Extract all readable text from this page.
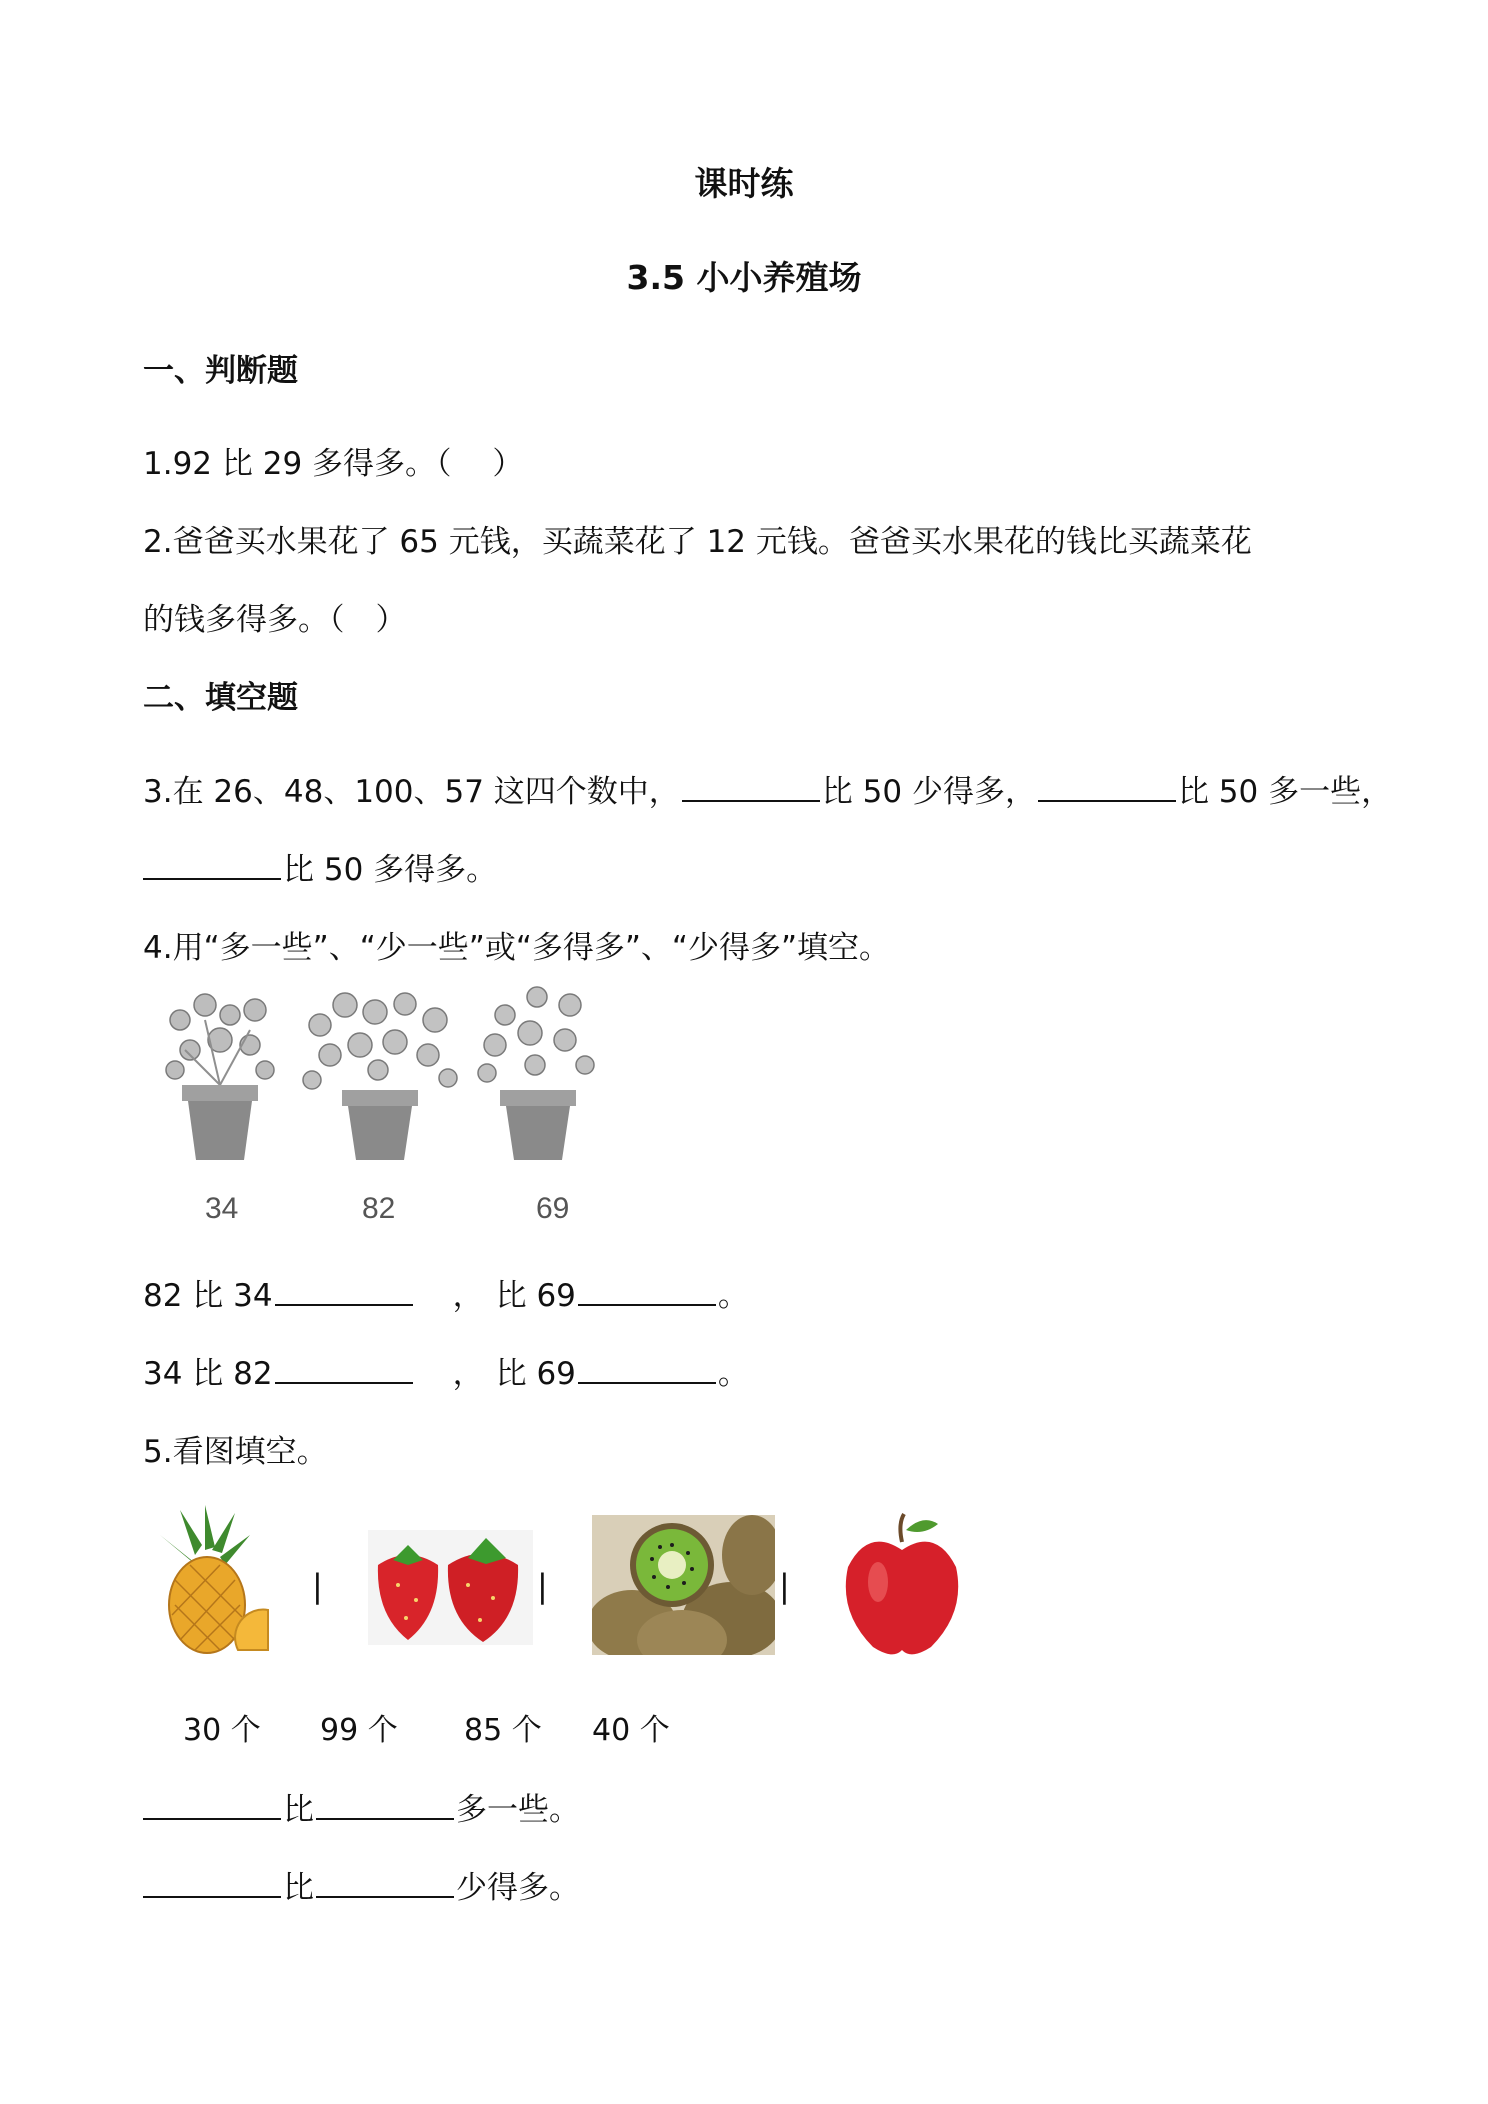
课时练
3.5 小小养殖场
一、判断题
1.92 比 29 多得多。（　 ）
2.爸爸买水果花了 65 元钱，买蔬菜花了 12 元钱。爸爸买水果花的钱比买蔬菜花
的钱多得多。（　）
二、填空题
3.在 26、48、100、57 这四个数中，	比 50 少得多，	比 50 多一些，
比 50 多得多。
4.用“多一些”、“少一些”或“多得多”、“少得多”填空。
34	82	69
82 比 34	， 比 69	。
34 比 82	， 比 69	。
5.看图填空。
|	|	|
30 个 99 个 85 个 40 个
比	多一些。
比	少得多。
